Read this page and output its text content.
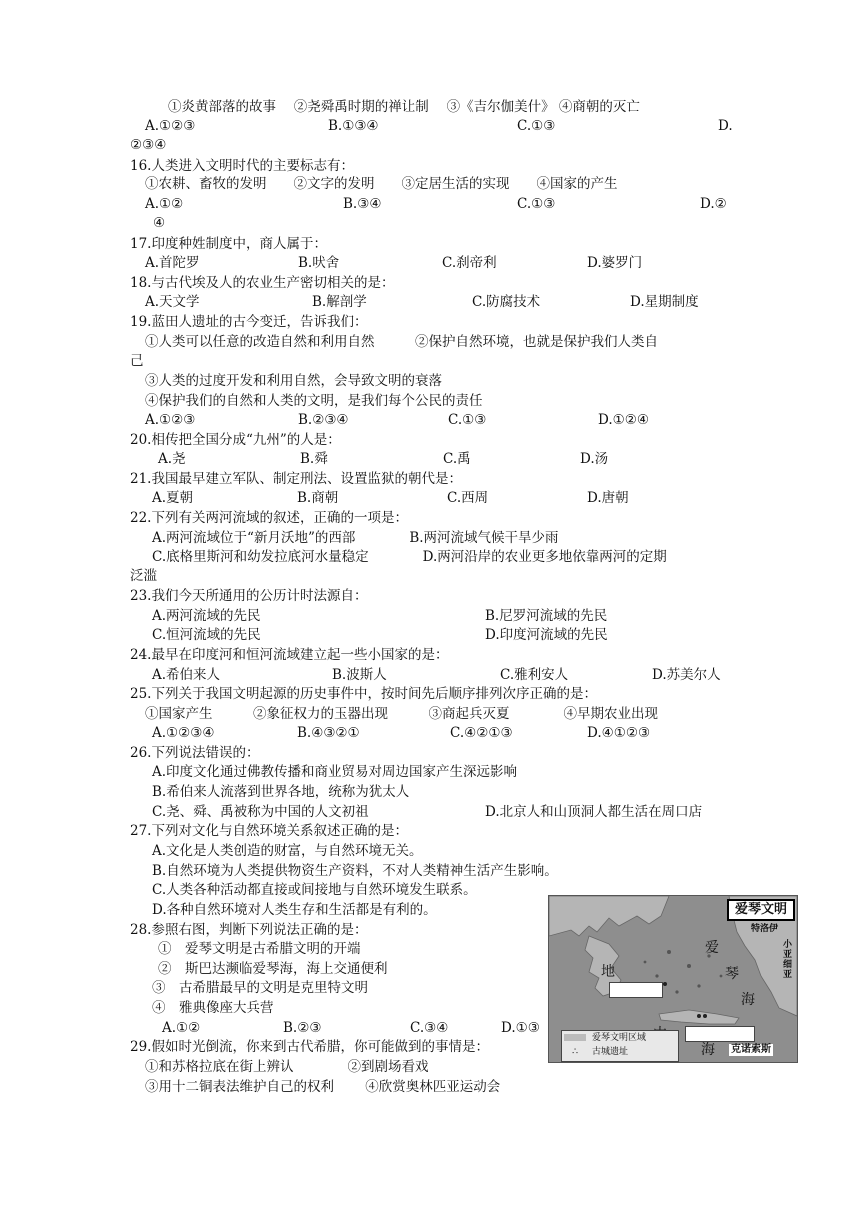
①炎黄部落的故事　 ②尧舜禹时期的禅让制　 ③《吉尔伽美什》 ④商朝的灭亡
A.①②③	B.①③④	C.①③	D.
②③④
16.人类进入文明时代的主要标志有：
①农耕、畜牧的发明　　②文字的发明　　③定居生活的实现　　④国家的产生
A.①②	B.③④	C.①③	D.②
④
17.印度种姓制度中，商人属于：
A.首陀罗	B.吠舍	C.刹帝利	D.婆罗门
18.与古代埃及人的农业生产密切相关的是：
A.天文学	B.解剖学	C.防腐技术	D.星期制度
19.蓝田人遗址的古今变迁，告诉我们：
①人类可以任意的改造自然和利用自然　　　②保护自然环境，也就是保护我们人类自
己
③人类的过度开发和利用自然，会导致文明的衰落
④保护我们的自然和人类的文明，是我们每个公民的责任
A.①②③	B.②③④	C.①③	D.①②④
20.相传把全国分成“九州”的人是：
A.尧	B.舜	C.禹	D.汤
21.我国最早建立军队、制定刑法、设置监狱的朝代是：
A.夏朝	B.商朝	C.西周	D.唐朝
22.下列有关两河流域的叙述，正确的一项是：
A.两河流域位于“新月沃地”的西部　　　　B.两河流域气候干旱少雨
C.底格里斯河和幼发拉底河水量稳定　　　　D.两河沿岸的农业更多地依靠两河的定期
泛滥
23.我们今天所通用的公历计时法源自：
A.两河流域的先民	B.尼罗河流域的先民
C.恒河流域的先民	D.印度河流域的先民
24.最早在印度河和恒河流域建立起一些小国家的是：
A.希伯来人	B.波斯人	C.雅利安人	D.苏美尔人
25.下列关于我国文明起源的历史事件中，按时间先后顺序排列次序正确的是：
①国家产生　　　②象征权力的玉器出现　　　③商起兵灭夏　　　　④早期农业出现
A.①②③④	B.④③②①	C.④②①③	D.④①②③
26.下列说法错误的：
A.印度文化通过佛教传播和商业贸易对周边国家产生深远影响
B.希伯来人流落到世界各地，统称为犹太人
C.尧、舜、禹被称为中国的人文初祖	D.北京人和山顶洞人都生活在周口店
27.下列对文化与自然环境关系叙述正确的是：
A.文化是人类创造的财富，与自然环境无关。
B.自然环境为人类提供物资生产资料，不对人类精神生活产生影响。
C.人类各种活动都直接或间接地与自然环境发生联系。
D.各种自然环境对人类生存和生活都是有利的。
28.参照右图，判断下列说法正确的是：
①　爱琴文明是古希腊文明的开端
②　斯巴达濒临爱琴海，海上交通便利
③　古希腊最早的文明是克里特文明
④　雅典像座大兵营
A.①②	B.②③	C.③④	D.①③
29.假如时光倒流，你来到古代希腊，你可能做到的事情是：
①和苏格拉底在街上辨认　　　　②到剧场看戏
③用十二铜表法维护自己的权利　　 ④欣赏奥林匹亚运动会
爱琴文明
特洛伊
小亚细亚
爱
琴
海
地
海 克诺索斯
爱琴文明区域
∴ 古城遗址
